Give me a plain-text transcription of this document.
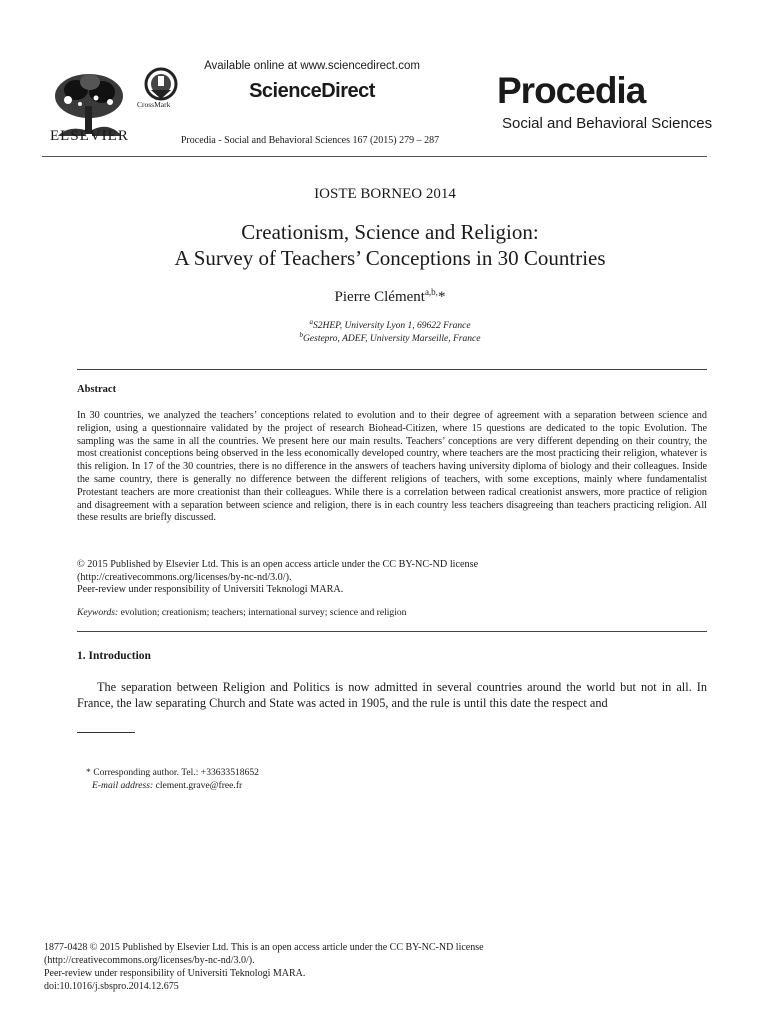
ELSEVIER
CrossMark
Available online at www.sciencedirect.com
ScienceDirect
Procedia - Social and Behavioral Sciences 167 (2015) 279 – 287
Procedia
Social and Behavioral Sciences
IOSTE BORNEO 2014
Creationism, Science and Religion:
A Survey of Teachers’ Conceptions in 30 Countries
Pierre Clément$^{a,b,}$*
$^a$S2HEP, University Lyon 1, 69622 France
$^b$Gestepro, ADEF, University Marseille, France
Abstract
In 30 countries, we analyzed the teachers’ conceptions related to evolution and to their degree of agreement with a separation between science and religion, using a questionnaire validated by the project of research Biohead-Citizen, where 15 questions are dedicated to the topic Evolution. The sampling was the same in all the countries. We present here our main results. Teachers’ conceptions are very different depending on their country, the most creationist conceptions being observed in the less economically developed country, where teachers are the most practicing their religion, whatever is this religion. In 17 of the 30 countries, there is no difference in the answers of teachers having university diploma of biology and their colleagues. Inside the same country, there is generally no difference between the different religions of teachers, with some exceptions, mainly where fundamentalist Protestant teachers are more creationist than their colleagues. While there is a correlation between radical creationist answers, more practice of religion and disagreement with a separation between science and religion, there is in each country less teachers disagreeing than teachers practicing religion. All these results are briefly discussed.
© 2015 Published by Elsevier Ltd. This is an open access article under the CC BY-NC-ND license
(http://creativecommons.org/licenses/by-nc-nd/3.0/).
Peer-review under responsibility of Universiti Teknologi MARA.
Keywords: evolution; creationism; teachers; international survey; science and religion
1. Introduction
The separation between Religion and Politics is now admitted in several countries around the world but not in all. In France, the law separating Church and State was acted in 1905, and the rule is until this date the respect and
* Corresponding author. Tel.: +33633518652
E-mail address: clement.grave@free.fr
1877-0428 © 2015 Published by Elsevier Ltd. This is an open access article under the CC BY-NC-ND license
(http://creativecommons.org/licenses/by-nc-nd/3.0/).
Peer-review under responsibility of Universiti Teknologi MARA.
doi:10.1016/j.sbspro.2014.12.675
